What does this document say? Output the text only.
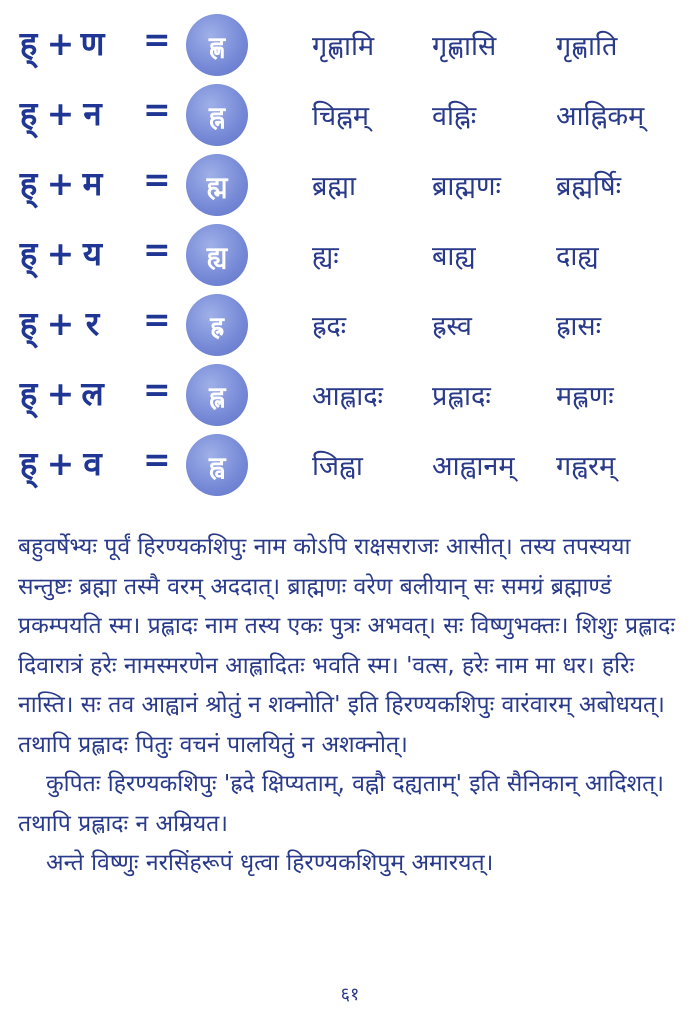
ह् + ण =	ह्ण	गृह्णामि गृह्णासि गृह्णाति
ह् + न =	ह्न	चिह्नम् वह्निः	आह्निकम्
ह् + म =	ह्म	ब्रह्मा	ब्राह्मणः ब्रह्मर्षिः
ह् + य =	ह्य	ह्यः	बाह्य	दाह्य
ह् + र =	ह्र	ह्रदः	ह्रस्व	ह्रासः
ह् + ल =	ह्ल	आह्लादः प्रह्लादः मह्लणः
ह् + व =	ह्व	जिह्वा	आह्वानम् गह्वरम्

बहुवर्षेभ्यः पूर्वं हिरण्यकशिपुः नाम कोऽपि राक्षसराजः आसीत्। तस्य तपस्यया सन्तुष्टः ब्रह्मा तस्मै वरम् अददात्। ब्राह्मणः वरेण बलीयान् सः समग्रं ब्रह्माण्डं प्रकम्पयति स्म। प्रह्लादः नाम तस्य एकः पुत्रः अभवत्। सः विष्णुभक्तः। शिशुः प्रह्लादः दिवारात्रं हरेः नामस्मरणेन आह्लादितः भवति स्म। 'वत्स, हरेः नाम मा धर। हरिः नास्ति। सः तव आह्वानं श्रोतुं न शक्नोति' इति हिरण्यकशिपुः वारंवारम् अबोधयत्। तथापि प्रह्लादः पितुः वचनं पालयितुं न अशक्नोत्।

कुपितः हिरण्यकशिपुः 'ह्रदे क्षिप्यताम्, वह्नौ दह्यताम्' इति सैनिकान् आदिशत्। तथापि प्रह्लादः न अम्रियत।

अन्ते विष्णुः नरसिंहरूपं धृत्वा हिरण्यकशिपुम् अमारयत्।

६१
